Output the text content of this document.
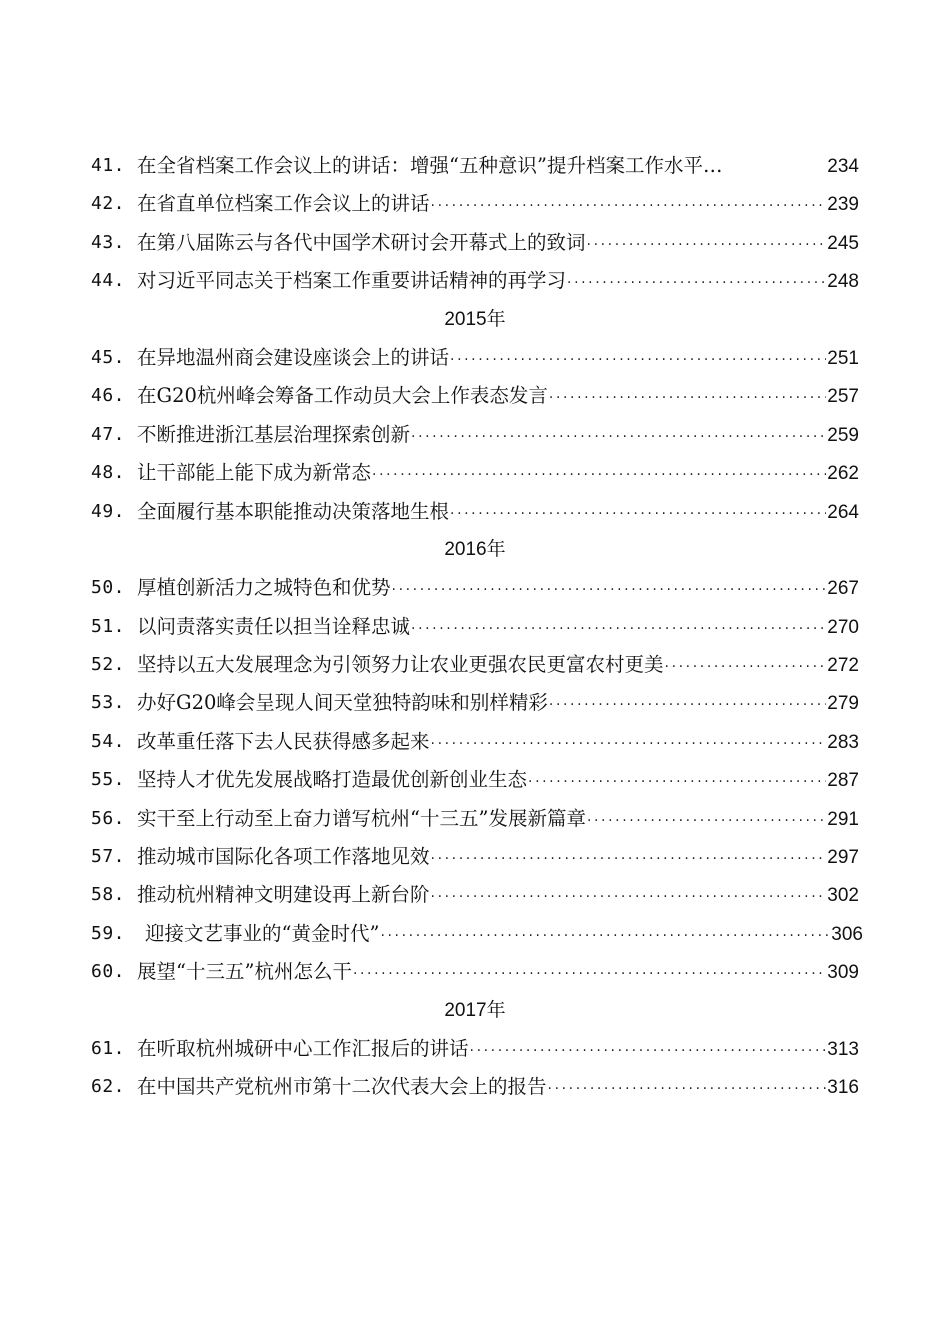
41. 在全省档案工作会议上的讲话：增强“五种意识”提升档案工作水平…	234
42. 在省直单位档案工作会议上的讲话 ·····	239
43. 在第八届陈云与各代中国学术研讨会开幕式上的致词 ·····	245
44. 对习近平同志关于档案工作重要讲话精神的再学习 ·····	248
2015年
45. 在异地温州商会建设座谈会上的讲话 ·····	251
46. 在G20杭州峰会筹备工作动员大会上作表态发言 ·····	257
47. 不断推进浙江基层治理探索创新 ·····	259
48. 让干部能上能下成为新常态 ·····	262
49. 全面履行基本职能推动决策落地生根 ·····	264
2016年
50. 厚植创新活力之城特色和优势 ·····	267
51. 以问责落实责任以担当诠释忠诚 ·····	270
52. 坚持以五大发展理念为引领努力让农业更强农民更富农村更美 ·····	272
53. 办好G20峰会呈现人间天堂独特韵味和别样精彩 ·····	279
54. 改革重任落下去人民获得感多起来 ·····	283
55. 坚持人才优先发展战略打造最优创新创业生态 ·····	287
56. 实干至上行动至上奋力谱写杭州“十三五”发展新篇章 ·····	291
57. 推动城市国际化各项工作落地见效 ·····	297
58. 推动杭州精神文明建设再上新台阶 ·····	302
59.	迎接文艺事业的“黄金时代” ·····	306
60. 展望“十三五”杭州怎么干 ·····	309
2017年
61. 在听取杭州城研中心工作汇报后的讲话 ·····	313
62. 在中国共产党杭州市第十二次代表大会上的报告 ·····	316
